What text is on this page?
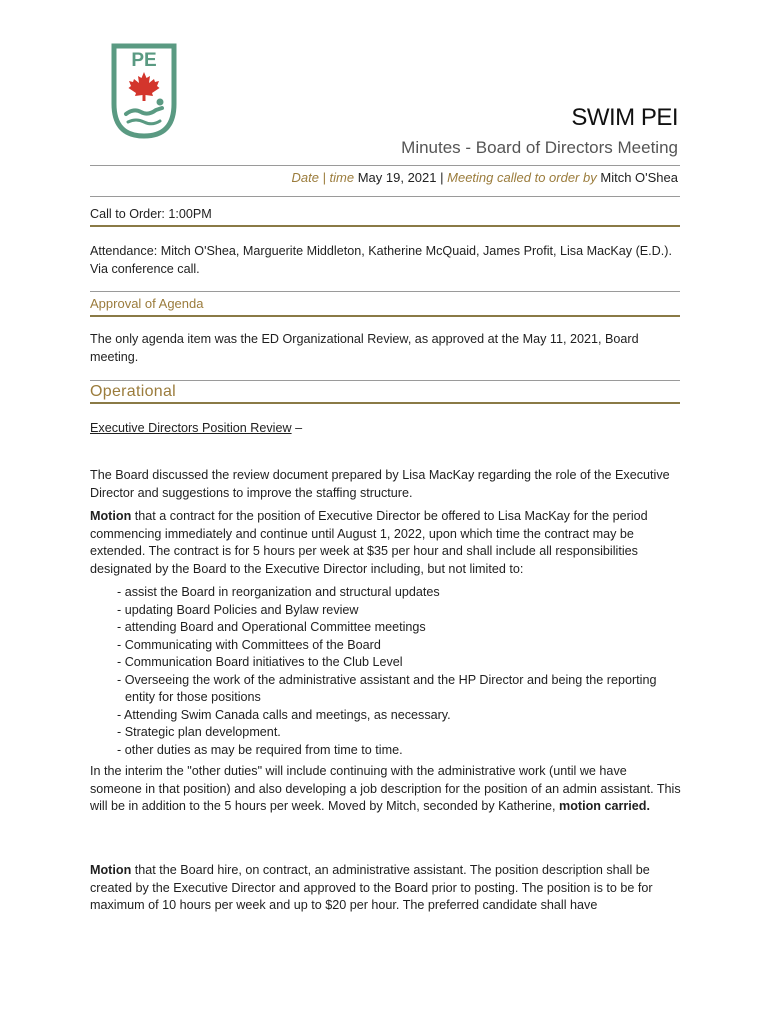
PE
SWIM PEI
Minutes - Board of Directors Meeting
Date | time May 19, 2021 | Meeting called to order by Mitch O'Shea
Call to Order: 1:00PM
Attendance: Mitch O'Shea, Marguerite Middleton, Katherine McQuaid, James Profit, Lisa MacKay (E.D.). Via conference call.
Approval of Agenda
The only agenda item was the ED Organizational Review, as approved at the May 11, 2021, Board meeting.
Operational
Executive Directors Position Review –
The Board discussed the review document prepared by Lisa MacKay regarding the role of the Executive Director and suggestions to improve the staffing structure.
Motion that a contract for the position of Executive Director be offered to Lisa MacKay for the period commencing immediately and continue until August 1, 2022, upon which time the contract may be extended. The contract is for 5 hours per week at $35 per hour and shall include all responsibilities designated by the Board to the Executive Director including, but not limited to:
- assist the Board in reorganization and structural updates
- updating Board Policies and Bylaw review
- attending Board and Operational Committee meetings
- Communicating with Committees of the Board
- Communication Board initiatives to the Club Level
- Overseeing the work of the administrative assistant and the HP Director and being the reporting entity for those positions
- Attending Swim Canada calls and meetings, as necessary.
- Strategic plan development.
- other duties as may be required from time to time.
In the interim the "other duties" will include continuing with the administrative work (until we have someone in that position) and also developing a job description for the position of an admin assistant. This will be in addition to the 5 hours per week. Moved by Mitch, seconded by Katherine, motion carried.
Motion that the Board hire, on contract, an administrative assistant. The position description shall be created by the Executive Director and approved to the Board prior to posting. The position is to be for maximum of 10 hours per week and up to $20 per hour. The preferred candidate shall have
